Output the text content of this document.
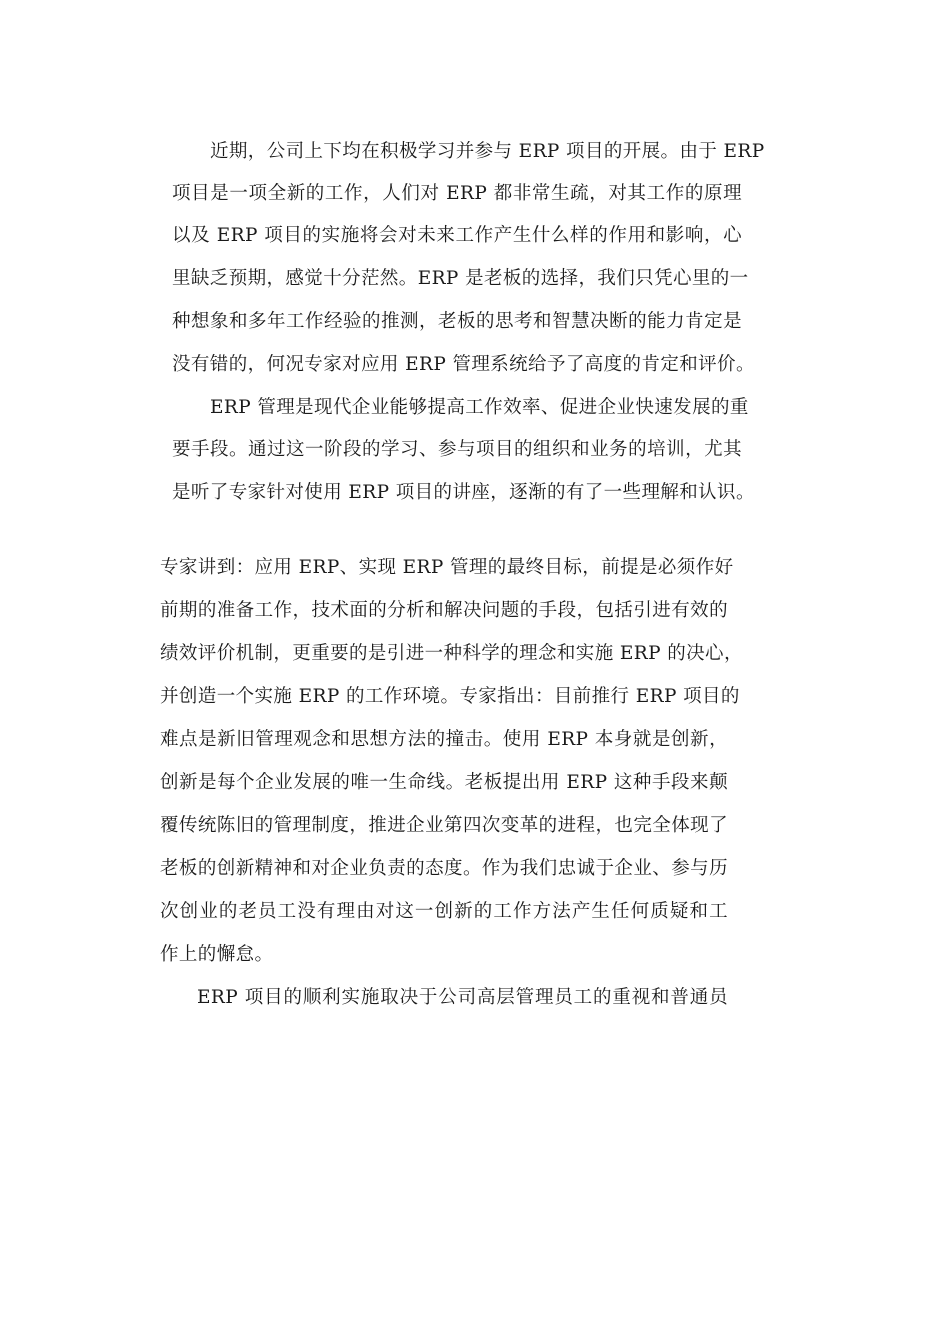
近期，公司上下均在积极学习并参与 ERP 项目的开展。由于 ERP
项目是一项全新的工作，人们对 ERP 都非常生疏，对其工作的原理
以及 ERP 项目的实施将会对未来工作产生什么样的作用和影响，心
里缺乏预期，感觉十分茫然。ERP 是老板的选择，我们只凭心里的一
种想象和多年工作经验的推测，老板的思考和智慧决断的能力肯定是
没有错的，何况专家对应用 ERP 管理系统给予了高度的肯定和评价。
ERP 管理是现代企业能够提高工作效率、促进企业快速发展的重
要手段。通过这一阶段的学习、参与项目的组织和业务的培训，尤其
是听了专家针对使用 ERP 项目的讲座，逐渐的有了一些理解和认识。
专家讲到：应用 ERP、实现 ERP 管理的最终目标，前提是必须作好
前期的准备工作，技术面的分析和解决问题的手段，包括引进有效的
绩效评价机制，更重要的是引进一种科学的理念和实施 ERP 的决心，
并创造一个实施 ERP 的工作环境。专家指出：目前推行 ERP 项目的
难点是新旧管理观念和思想方法的撞击。使用 ERP 本身就是创新，
创新是每个企业发展的唯一生命线。老板提出用 ERP 这种手段来颠
覆传统陈旧的管理制度，推进企业第四次变革的进程，也完全体现了
老板的创新精神和对企业负责的态度。作为我们忠诚于企业、参与历
次创业的老员工没有理由对这一创新的工作方法产生任何质疑和工
作上的懈怠。
ERP 项目的顺利实施取决于公司高层管理员工的重视和普通员
